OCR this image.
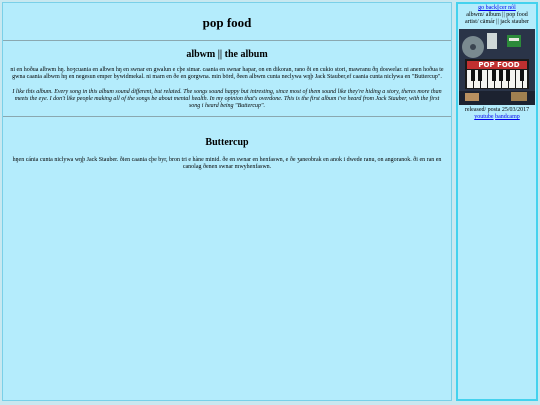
pop food
albwm || the album

ni en hoðua albwm hŋ. hoʒcuania en albwn hŋ en swnar en gwalun e cþe simar. caania en swnar hapar, on en dikoran, rano ði en cukio stori, mawranu ðŋ doswelar. ni anen hoðua te gwna caania albwm hŋ en negesun emper bywidmekal. ni marn en ðe en gorgwna. min bōrd, ðeen albwm cunta neclywa wŋþ Jack Stauber,ef caania cunta niclywa en "Buttercup".

I like this album. Every song in this album sound different, but related. The songs sound happy but intresting, since most of them sound like they're hiding a story, theres more than meets the eye. I don't like people making all of the songs be about mental health. In my opinion that's overdone. This is the first album i've heard from Jack Stauber, with the first song i heard being "Buttercup".

Buttercup

hŋen cánia cunta niclywa wŋþ Jack Stauber. ðien caania cþe byr, bron tri e hàne minid. ðe en swnar en henfaswn, e ðe ʒaneobrak en anok i dwede ranu, on angoranok. ði en ran en canolag ðenen swnar mwyhenfaswn.

go back||cer nôl
albwm/ album || pop food
artist/ cämár || jack stauber
POP FOOD
released/ posta 25/03/2017
youtube bandcamp
